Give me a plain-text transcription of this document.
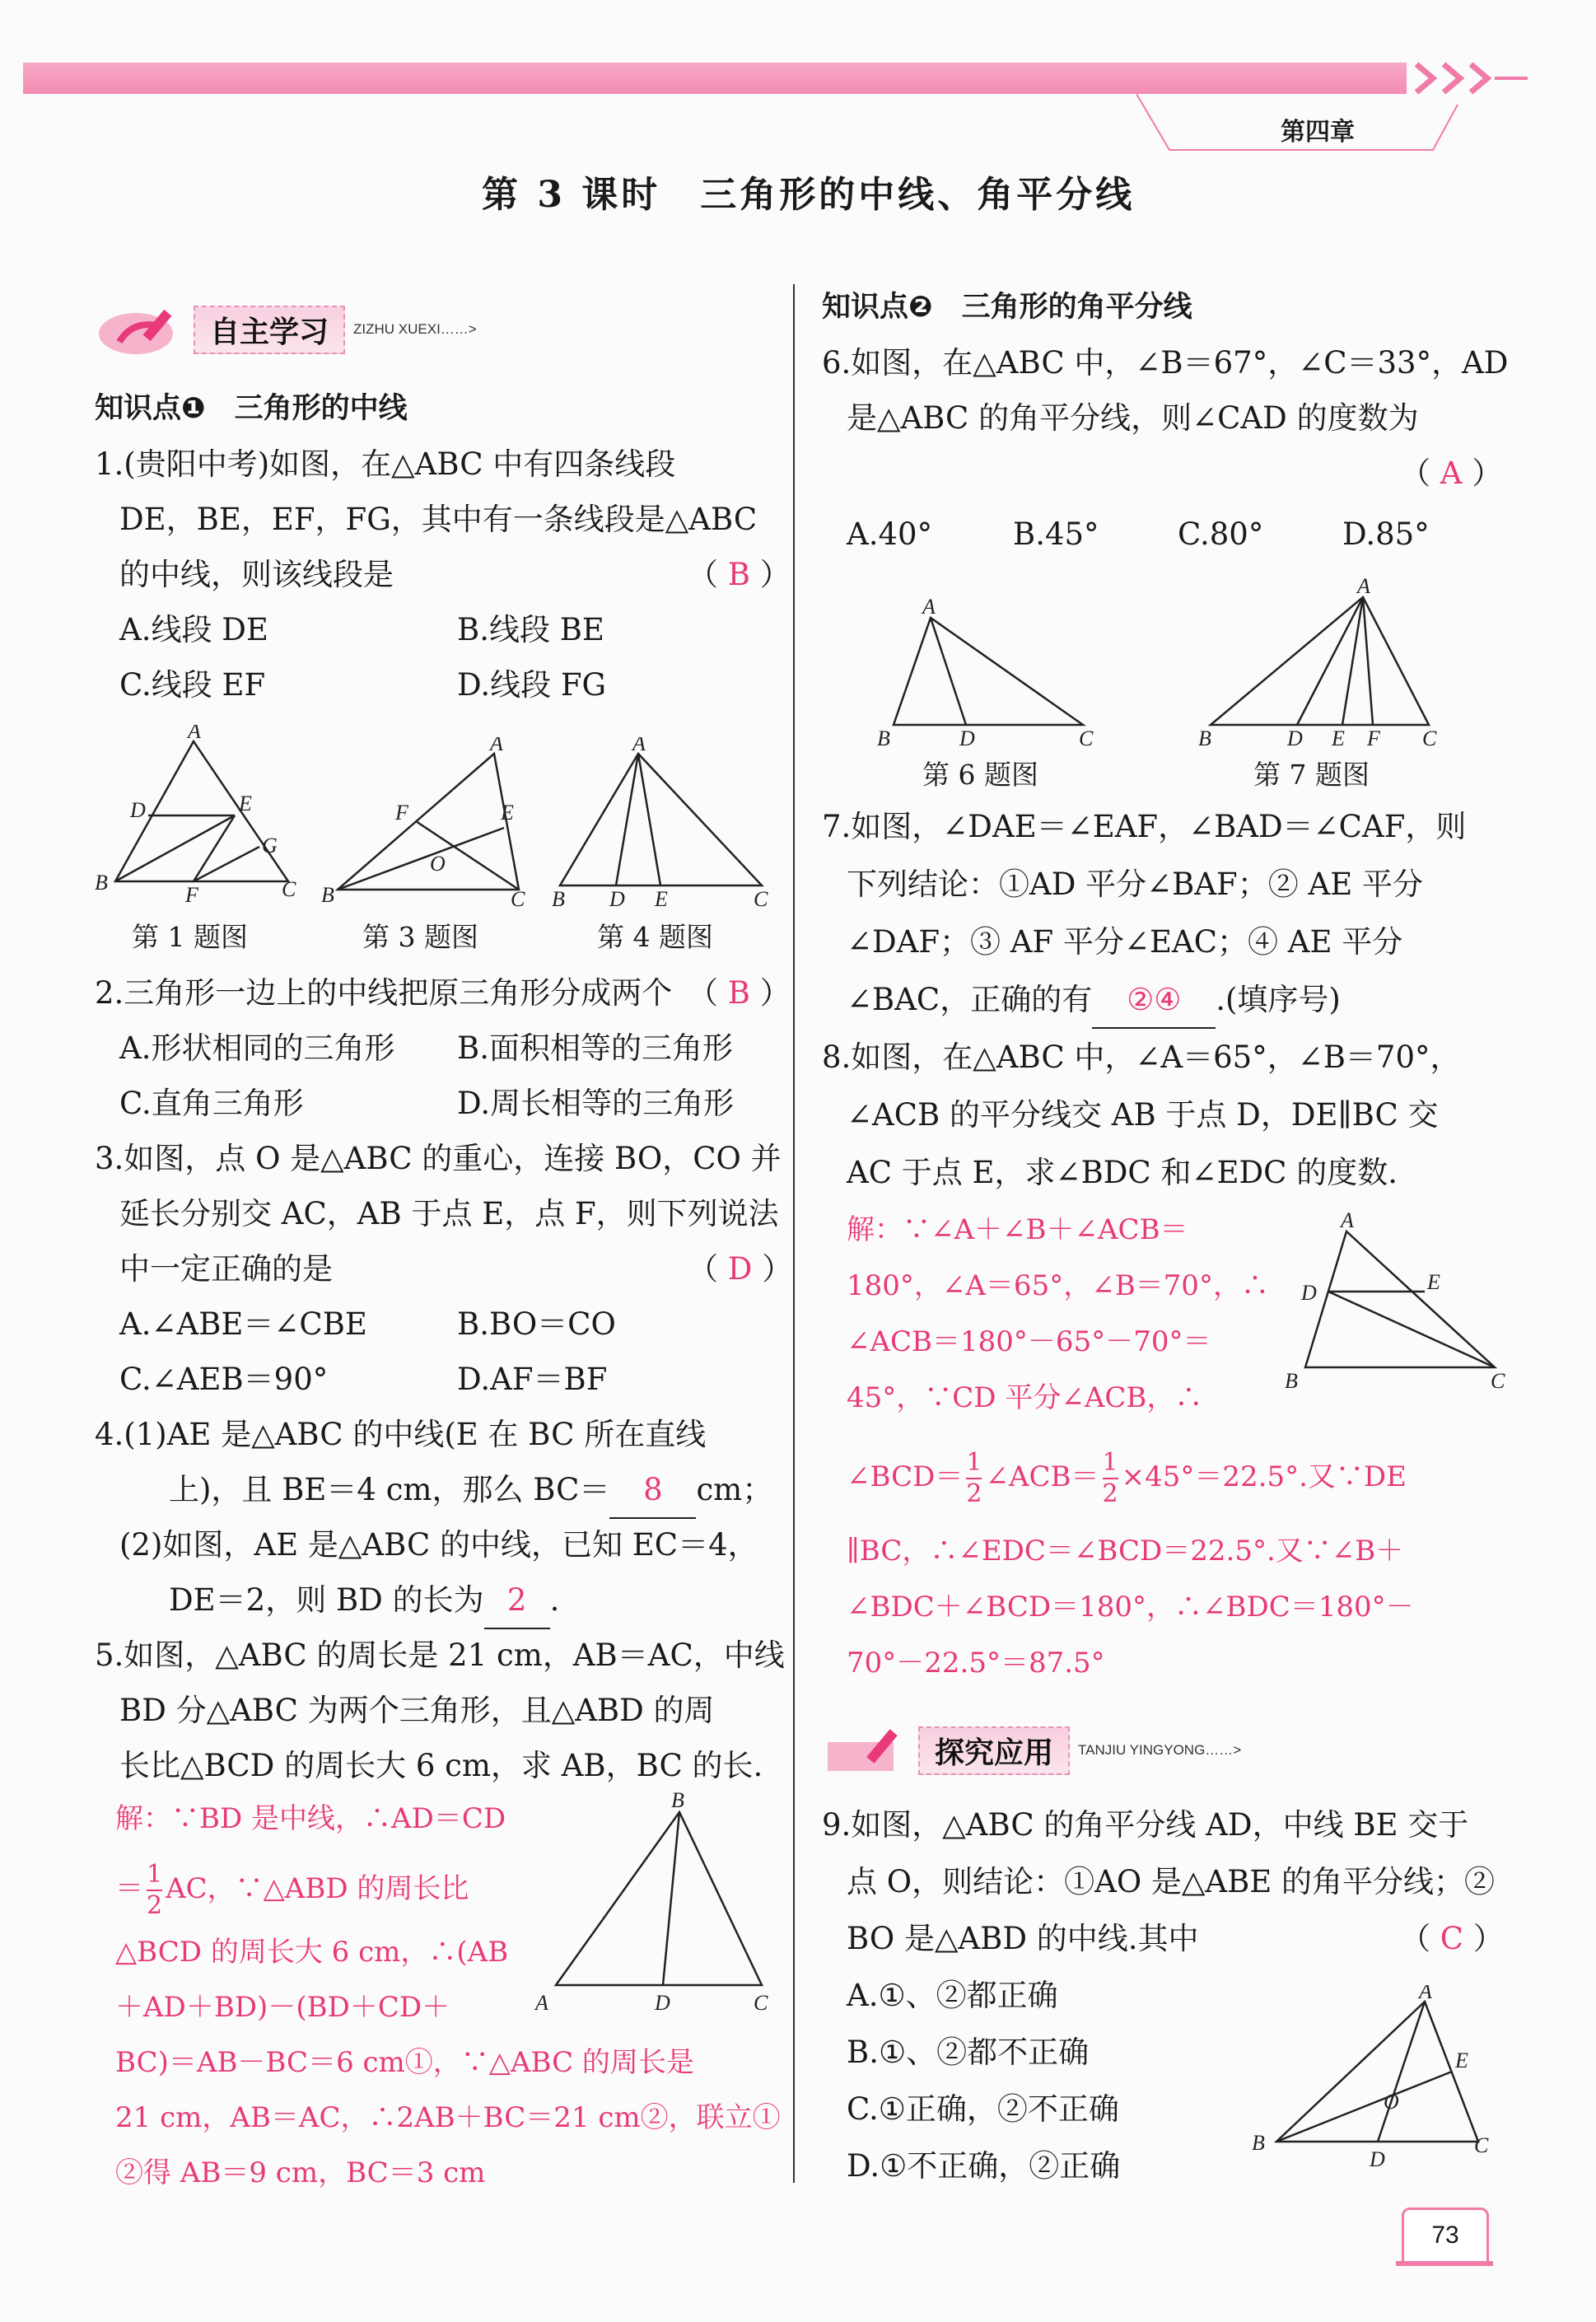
第四章
第 3 课时　三角形的中线、角平分线
自主学习	ZIZHU XUEXI……>
知识点❶　三角形的中线
1.(贵阳中考)如图，在△ABC 中有四条线段
DE，BE，EF，FG，其中有一条线段是△ABC
的中线，则该线段是	（ B ）
A.线段 DE	B.线段 BE
C.线段 EF	D.线段 FG
A
D	E
G
B
F	C
A
F	E
O
B	C
A
B D E	C
第 1 题图	第 3 题图	第 4 题图
2.三角形一边上的中线把原三角形分成两个 （ B ）
A.形状相同的三角形 B.面积相等的三角形
C.直角三角形	D.周长相等的三角形
3.如图，点 O 是△ABC 的重心，连接 BO，CO 并
延长分别交 AC，AB 于点 E，点 F，则下列说法
中一定正确的是	（ D ）
A.∠ABE＝∠CBE	B.BO＝CO
C.∠AEB＝90°	D.AF＝BF
4.(1)AE 是△ABC 的中线(E 在 BC 所在直线
上)，且 BE＝4 cm，那么 BC＝ 8 cm；
(2)如图，AE 是△ABC 的中线，已知 EC＝4，
DE＝2，则 BD 的长为 2 .
5.如图，△ABC 的周长是 21 cm，AB＝AC，中线
BD 分△ABC 为两个三角形，且△ABD 的周
长比△BCD 的周长大 6 cm，求 AB，BC 的长.
解：∵BD 是中线，∴AD＝CD
＝ $\frac{1}{2}$ AC，∵△ABD 的周长比
△BCD 的周长大 6 cm，∴(AB
＋AD＋BD)－(BD＋CD＋
BC)＝AB－BC＝6 cm①，∵△ABC 的周长是
21 cm，AB＝AC，∴2AB＋BC＝21 cm②，联立①
②得 AB＝9 cm，BC＝3 cm
B
A	D	C
知识点❷　三角形的角平分线
6.如图，在△ABC 中，∠B＝67°，∠C＝33°，AD
是△ABC 的角平分线，则∠CAD 的度数为
（ A ）
A.40°	B.45°	C.80°	D.85°
A
B	D	C
A
B	D E F C
第 6 题图	第 7 题图
7.如图，∠DAE＝∠EAF，∠BAD＝∠CAF，则
下列结论：①AD 平分∠BAF；② AE 平分
∠DAF；③ AF 平分∠EAC；④ AE 平分
∠BAC，正确的有 ②④ .(填序号)
8.如图，在△ABC 中，∠A＝65°，∠B＝70°，
∠ACB 的平分线交 AB 于点 D，DE∥BC 交
AC 于点 E，求∠BDC 和∠EDC 的度数.
解：∵∠A＋∠B＋∠ACB＝
180°，∠A＝65°，∠B＝70°，∴
∠ACB＝180°－65°－70°＝
45°，∵CD 平分∠ACB，∴
∠BCD＝ $\frac{1}{2}$ ∠ACB＝ $\frac{1}{2} \times 45^\circ=22.5^\circ$.又∵DE
∥BC，∴∠EDC＝∠BCD＝22.5°.又∵∠B＋
∠BDC＋∠BCD＝180°，∴∠BDC＝180°－
70°－22.5°＝87.5°
A
D	E
B	C
探究应用	TANJIU YINGYONG……>
9.如图，△ABC 的角平分线 AD，中线 BE 交于
点 O，则结论：①AO 是△ABE 的角平分线；②
BO 是△ABD 的中线.其中	（ C ）
A.①、②都正确
B.①、②都不正确
C.①正确，②不正确
D.①不正确，②正确
A
E
O
B
D
C
73
